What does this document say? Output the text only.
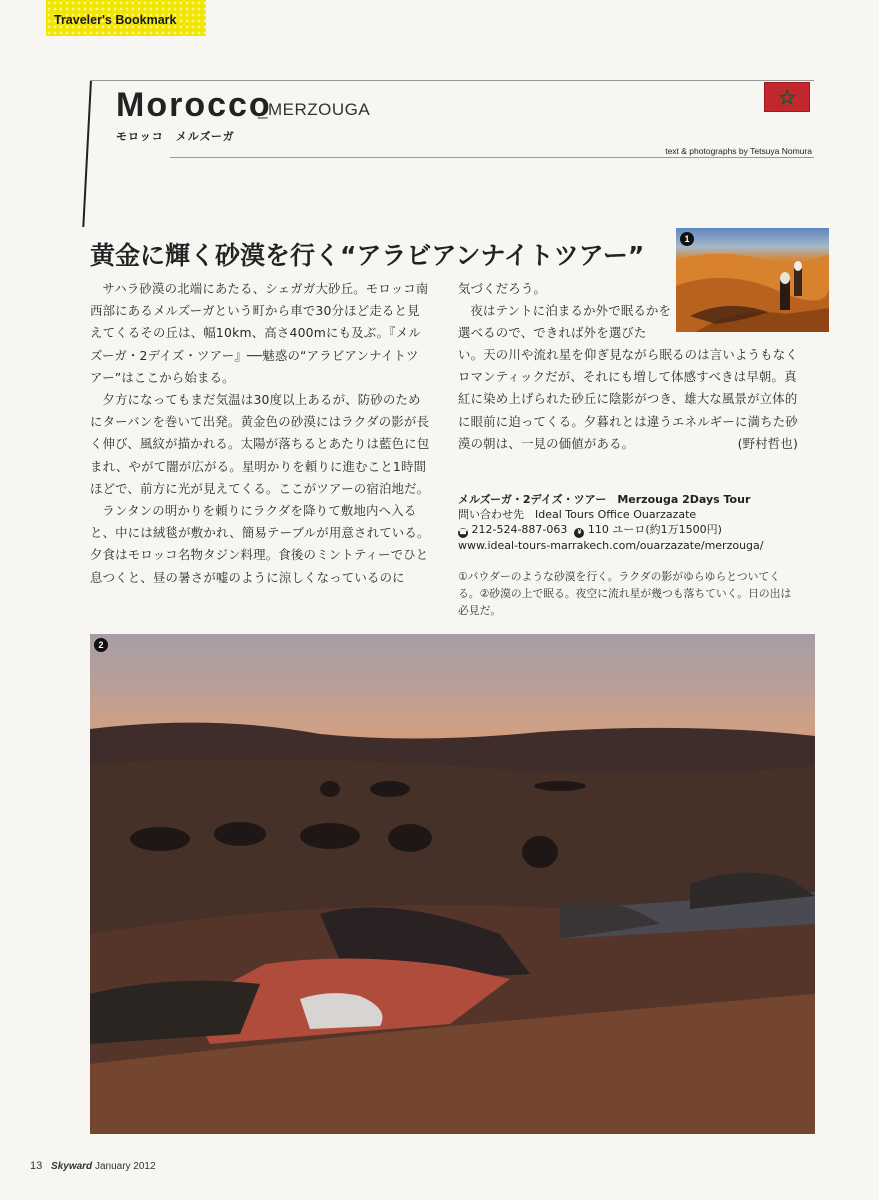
Traveler's Bookmark
Morocco
_MERZOUGA
モロッコ　メルズーガ
text & photographs by Tetsuya Nomura
黄金に輝く砂漠を行く“アラビアンナイトツアー”

サハラ砂漠の北端にあたる、シェガガ大砂丘。モロッコ南西部にあるメルズーガという町から車で30分ほど走ると見えてくるその丘は、幅10km、高さ400mにも及ぶ。『メルズーガ・2デイズ・ツアー』──魅惑の“アラビアンナイトツアー”はここから始まる。

夕方になってもまだ気温は30度以上あるが、防砂のためにターバンを巻いて出発。黄金色の砂漠にはラクダの影が長く伸び、風紋が描かれる。太陽が落ちるとあたりは藍色に包まれ、やがて闇が広がる。星明かりを頼りに進むこと1時間ほどで、前方に光が見えてくる。ここがツアーの宿泊地だ。

ランタンの明かりを頼りにラクダを降りて敷地内へ入ると、中には絨毯が敷かれ、簡易テーブルが用意されている。夕食はモロッコ名物タジン料理。食後のミントティーでひと息つくと、昼の暑さが嘘のように涼しくなっているのに

気づくだろう。

夜はテントに泊まるか外で眠るかを選べるので、できれば外を選びた

い。天の川や流れ星を仰ぎ見ながら眠るのは言いようもなくロマンティックだが、それにも増して体感すべきは早朝。真紅に染め上げられた砂丘に陰影がつき、雄大な風景が立体的に眼前に迫ってくる。夕暮れとは違うエネルギーに満ちた砂漠の朝は、一見の価値がある。	(野村哲也)

1
メルズーガ・2デイズ・ツアー　Merzouga 2Days Tour
問い合わせ先　Ideal Tours Office Ouarzazate
☎ 212-524-887-063 ¥ 110 ユーロ(約1万1500円)
www.ideal-tours-marrakech.com/ouarzazate/merzouga/
①パウダーのような砂漠を行く。ラクダの影がゆらゆらとついてくる。②砂漠の上で眠る。夜空に流れ星が幾つも落ちていく。日の出は必見だ。
2
13 Skyward January 2012
